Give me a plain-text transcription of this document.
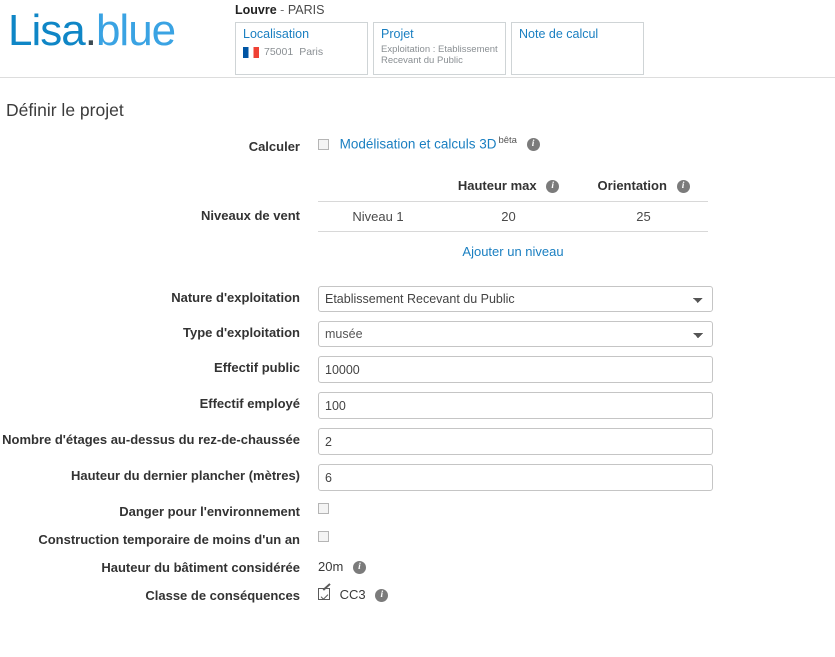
Lisa.blue	Louvre - PARIS
Localisation
75001 Paris
Projet
Exploitation : Etablissement Recevant du Public
Note de calcul
Définir le projet
Calculer	Modélisation et calculs 3D $^{bêta}$ i
Niveaux de vent
	Hauteur max i	Orientation i
Niveau 1	20	25
Ajouter un niveau
Nature d'exploitation
Etablissement Recevant du Public
Type d'exploitation
musée
Effectif public
10000
Effectif employé
100
Nombre d'étages au-dessus du rez-de-chaussée
2
Hauteur du dernier plancher (mètres)
6
Danger pour l'environnement
Construction temporaire de moins d'un an
Hauteur du bâtiment considérée	20m i
Classe de conséquences	CC3 i
